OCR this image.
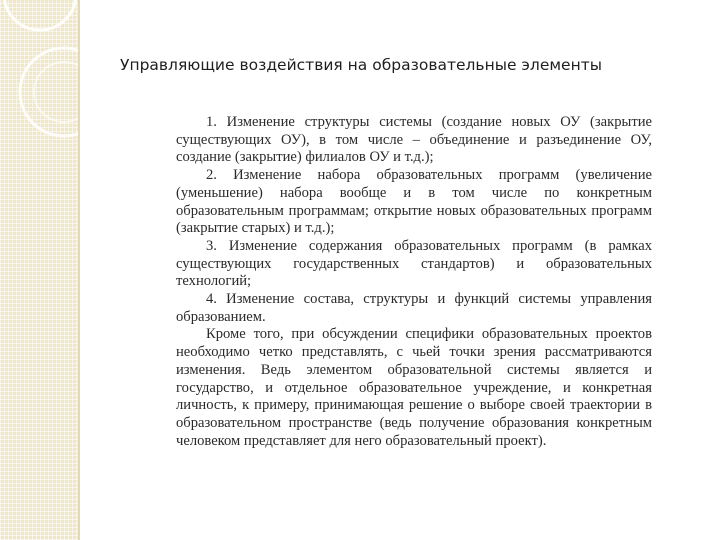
Управляющие воздействия на образовательные элементы

1. Изменение структуры системы (создание новых ОУ (закрытие существующих ОУ), в том числе – объединение и разъединение ОУ, создание (закрытие) филиалов ОУ и т.д.);

2. Изменение набора образовательных программ (увеличение (уменьшение) набора вообще и в том числе по конкретным образовательным программам; открытие новых образовательных программ (закрытие старых) и т.д.);

3. Изменение содержания образовательных программ (в рамках существующих государственных стандартов) и образовательных технологий;

4. Изменение состава, структуры и функций системы управления образованием.

Кроме того, при обсуждении специфики образовательных проектов необходимо четко представлять, с чьей точки зрения рассматриваются изменения. Ведь элементом образовательной системы является и государство, и отдельное образовательное учреждение, и конкретная личность, к примеру, принимающая решение о выборе своей траектории в образовательном пространстве (ведь получение образования конкретным человеком представляет для него образовательный проект).
